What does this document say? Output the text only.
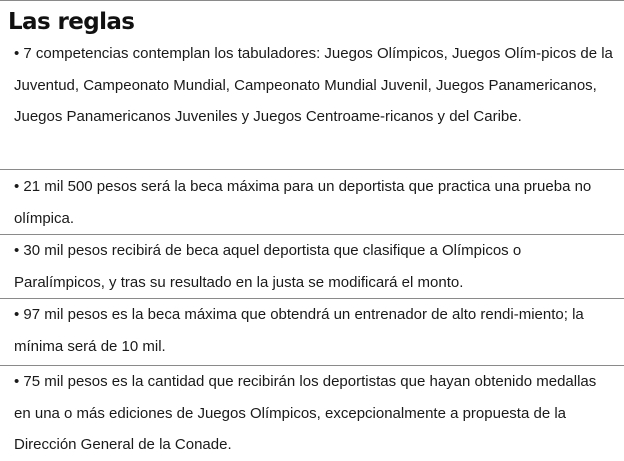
Las reglas

• 7 competencias contemplan los tabuladores: Juegos Olímpicos, Juegos Olím-picos de la Juventud, Campeonato Mundial, Campeonato Mundial Juvenil, Juegos Panamericanos, Juegos Panamericanos Juveniles y Juegos Centroame-ricanos y del Caribe.

• 21 mil 500 pesos será la beca máxima para un deportista que practica una prueba no olímpica.

• 30 mil pesos recibirá de beca aquel deportista que clasifique a Olímpicos o Paralímpicos, y tras su resultado en la justa se modificará el monto.

• 97 mil pesos es la beca máxima que obtendrá un entrenador de alto rendi-miento; la mínima será de 10 mil.

• 75 mil pesos es la cantidad que recibirán los deportistas que hayan obtenido medallas en una o más ediciones de Juegos Olímpicos, excepcionalmente a propuesta de la Dirección General de la Conade.
